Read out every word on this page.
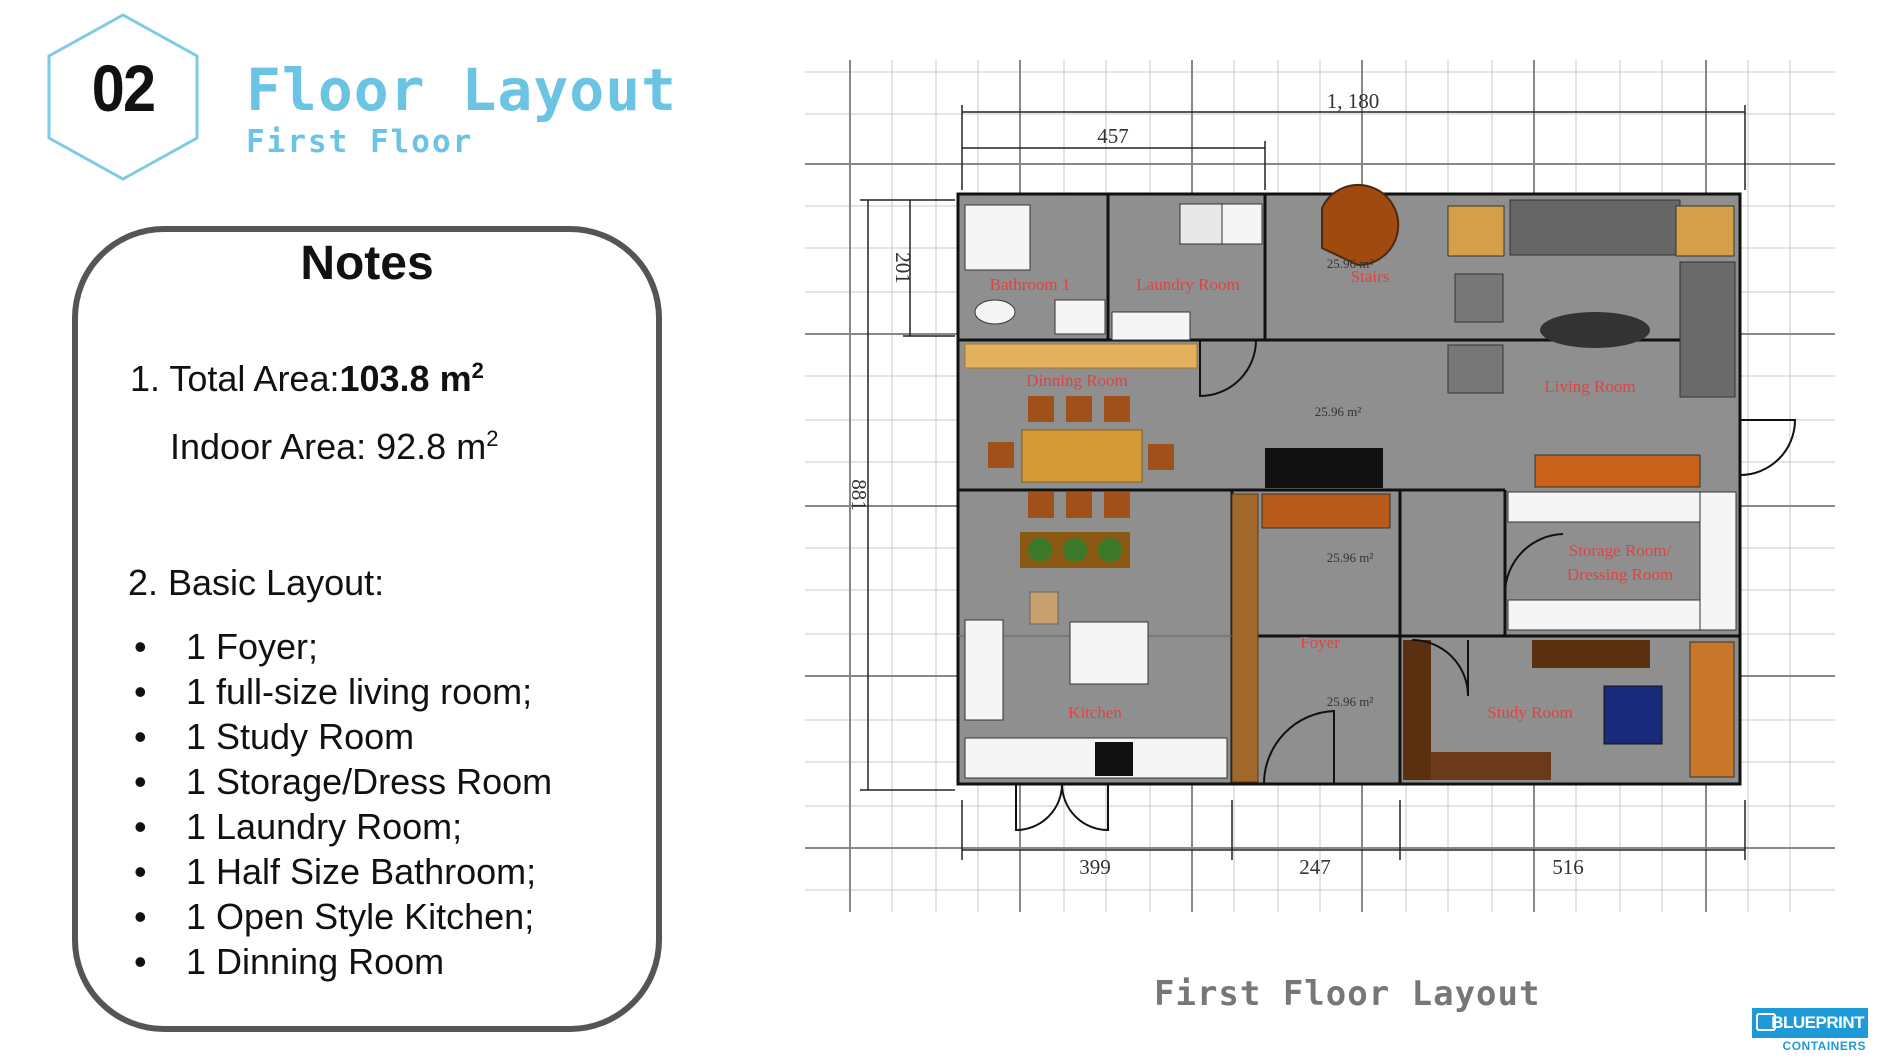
02	Floor Layout
First Floor
Notes
1. Total Area:103.8 $m^2$
Indoor Area: 92.8 $m^2$
2. Basic Layout:
• 1 Foyer;
• 1 full-size living room;
• 1 Study Room
• 1 Storage/Dress Room
• 1 Laundry Room;
• 1 Half Size Bathroom;
• 1 Open Style Kitchen;
• 1 Dinning Room
1, 180
457
881
201
399	247	516
Bathroom 1	Laundry Room	Stairs
Living Room
Dinning Room
Storage Room/
Dressing Room
Foyer
Kitchen	Study Room
25.96 m²
25.96 m²
25.96 m²
25.96 m²
First Floor Layout
BLUEPRINT
CONTAINERS
